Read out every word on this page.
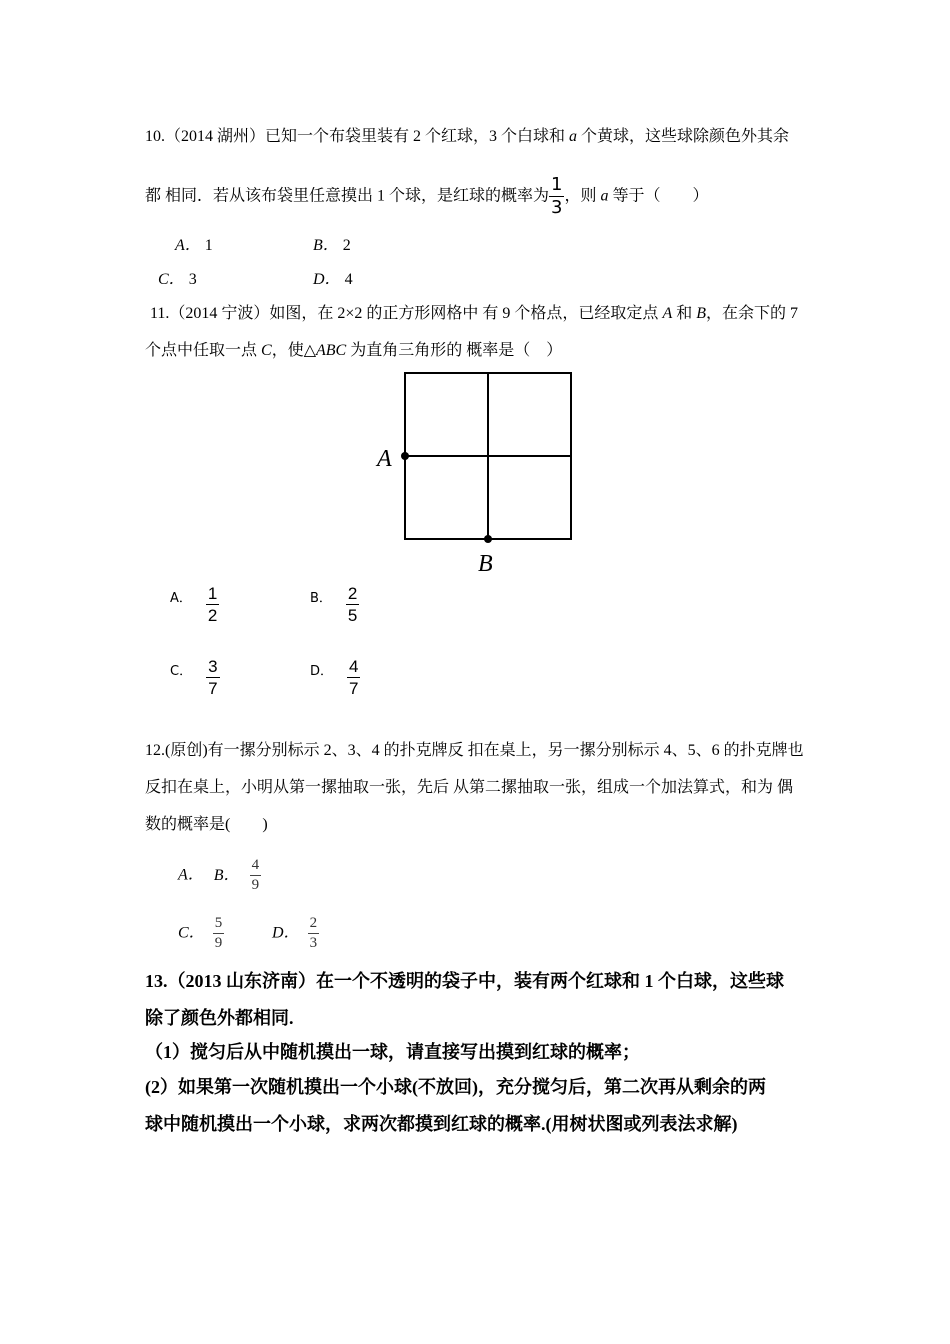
10.（2014 湖州）已知一个布袋里装有 2 个红球，3 个白球和 a 个黄球，这些球除颜色外其余
都 相同．若从该布袋里任意摸出 1 个球，是红球的概率为 $\frac{1}{3}$ ，则 a 等于（　　）
A． 1	B． 2
C． 3	D． 4
11.（2014 宁波）如图，在 2×2 的正方形网格中 有 9 个格点，已经取定点 A 和 B，在余下的 7
个点中任取一点 C，使△ABC 为直角三角形的 概率是（　）
A
B
$^{A.} \frac{1}{2}$	$^{B.} \frac{2}{5}$
$^{C.} \frac{3}{7}$	$^{D.} \frac{4}{7}$
12.(原创)有一摞分别标示 2、3、4 的扑克牌反 扣在桌上，另一摞分别标示 4、5、6 的扑克牌也
反扣在桌上，小明从第一摞抽取一张，先后 从第二摞抽取一张，组成一个加法算式，和为 偶
数的概率是(　　)
A． B． $\frac{4}{9}$
C． $\frac{5}{9}$	D． $\frac{2}{3}$
13.（2013 山东济南）在一个不透明的袋子中，装有两个红球和 1 个白球，这些球
除了颜色外都相同.
（1）搅匀后从中随机摸出一球，请直接写出摸到红球的概率；
(2）如果第一次随机摸出一个小球(不放回)，充分搅匀后，第二次再从剩余的两
球中随机摸出一个小球，求两次都摸到红球的概率.(用树状图或列表法求解)
